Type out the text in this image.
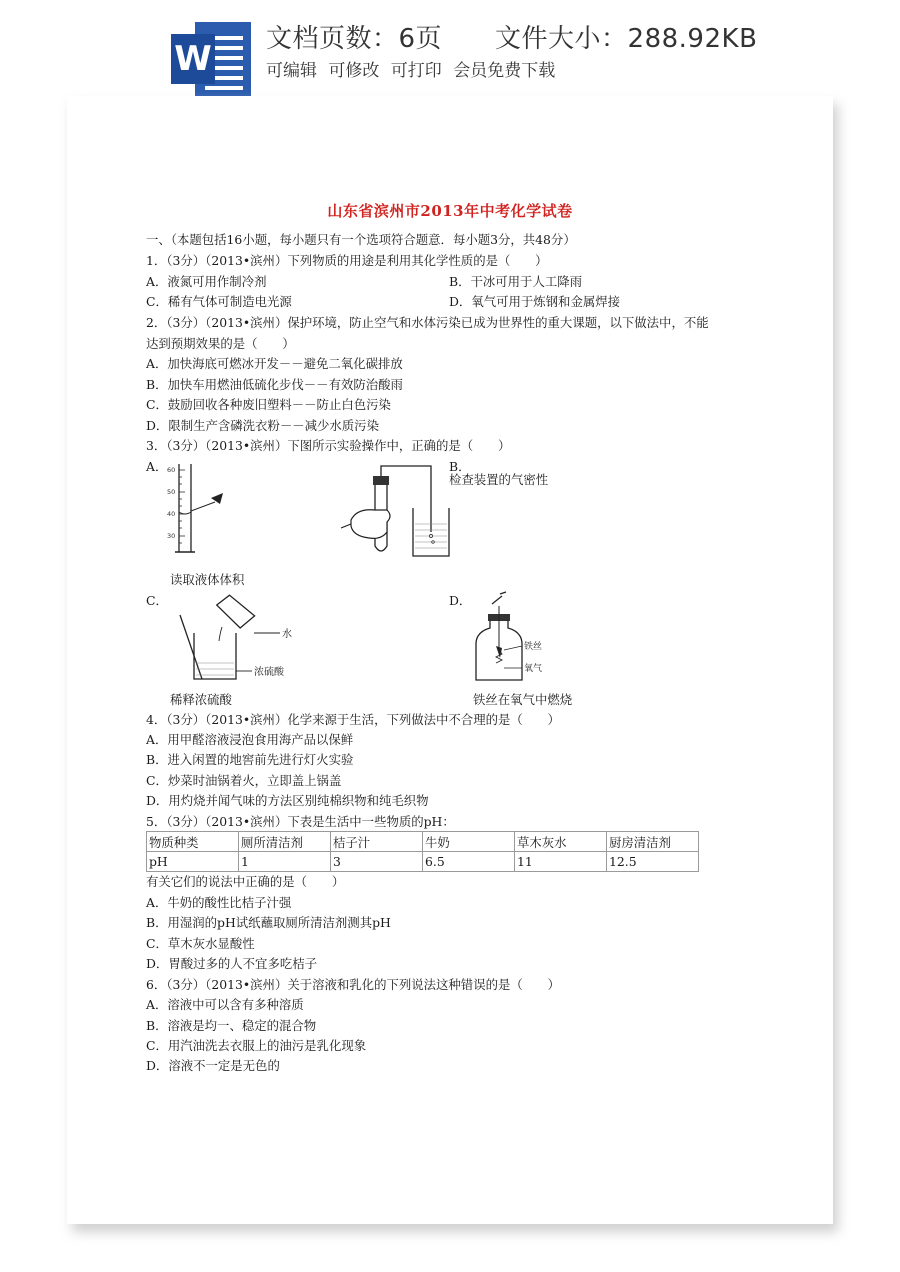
W 文档页数：6页　　文件大小：288.92KB
可编辑 可修改 可打印 会员免费下载
山东省滨州市2013年中考化学试卷
一、（本题包括16小题，每小题只有一个选项符合题意．每小题3分，共48分）
1．（3分）（2013•滨州）下列物质的用途是利用其化学性质的是（　　）
A．液氮可用作制冷剂	B．干冰可用于人工降雨
C．稀有气体可制造电光源	D．氧气可用于炼钢和金属焊接
2．（3分）（2013•滨州）保护环境，防止空气和水体污染已成为世界性的重大课题，以下做法中，不能
达到预期效果的是（　　）
A．加快海底可燃冰开发－－避免二氧化碳排放
B．加快车用燃油低硫化步伐－－有效防治酸雨
C．鼓励回收各种废旧塑料－－防止白色污染
D．限制生产含磷洗衣粉－－减少水质污染
3．（3分）（2013•滨州）下图所示实验操作中，正确的是（　　）
A．	B．
60
50
40
30
检查装置的气密性
读取液体体积
C．	D．
水
浓硫酸
铁丝
氧气
稀释浓硫酸	铁丝在氧气中燃烧
4．（3分）（2013•滨州）化学来源于生活，下列做法中不合理的是（　　）
A．用甲醛溶液浸泡食用海产品以保鲜
B．进入闲置的地窖前先进行灯火实验
C．炒菜时油锅着火，立即盖上锅盖
D．用灼烧并闻气味的方法区别纯棉织物和纯毛织物
5．（3分）（2013•滨州）下表是生活中一些物质的pH：
物质种类	厕所清洁剂	桔子汁	牛奶	草木灰水	厨房清洁剂
pH	1	3	6.5	11	12.5
有关它们的说法中正确的是（　　）
A．牛奶的酸性比桔子汁强
B．用湿润的pH试纸蘸取厕所清洁剂测其pH
C．草木灰水显酸性
D．胃酸过多的人不宜多吃桔子
6．（3分）（2013•滨州）关于溶液和乳化的下列说法这种错误的是（　　）
A．溶液中可以含有多种溶质
B．溶液是均一、稳定的混合物
C．用汽油洗去衣服上的油污是乳化现象
D．溶液不一定是无色的
